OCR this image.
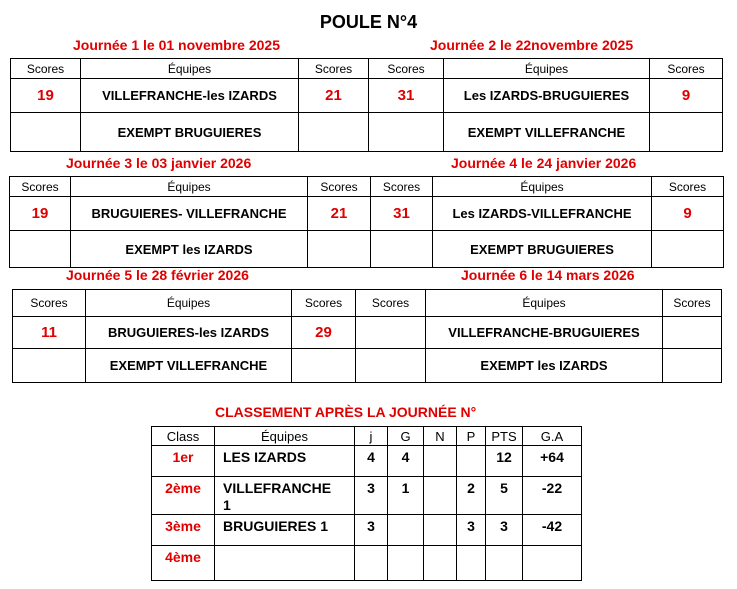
POULE N°4
Journée 1 le 01 novembre 2025	Journée 2 le 22novembre 2025
Journée 3 le 03 janvier 2026	Journée 4 le 24 janvier 2026
Journée 5 le 28 février 2026	Journée 6 le 14 mars 2026
Scores	Équipes	Scores
19	VILLEFRANCHE-les IZARDS	21
	EXEMPT BRUGUIERES	
Scores	Équipes	Scores
31	Les IZARDS-BRUGUIERES	9
	EXEMPT VILLEFRANCHE	
Scores	Équipes	Scores
19	BRUGUIERES- VILLEFRANCHE	21
	EXEMPT les IZARDS	
Scores	Équipes	Scores
31	Les IZARDS-VILLEFRANCHE	9
	EXEMPT BRUGUIERES	
Scores	Équipes	Scores
11	BRUGUIERES-les IZARDS	29
	EXEMPT VILLEFRANCHE	
Scores	Équipes	Scores
	VILLEFRANCHE-BRUGUIERES	
	EXEMPT les IZARDS	
CLASSEMENT APRÈS LA JOURNÉE N°
Class	Équipes	j	G	N	P	PTS	G.A
1er	LES IZARDS	4	4			12	+64
2ème	VILLEFRANCHE 1	3	1		2	5	-22
3ème	BRUGUIERES 1	3			3	3	-42
4ème							
